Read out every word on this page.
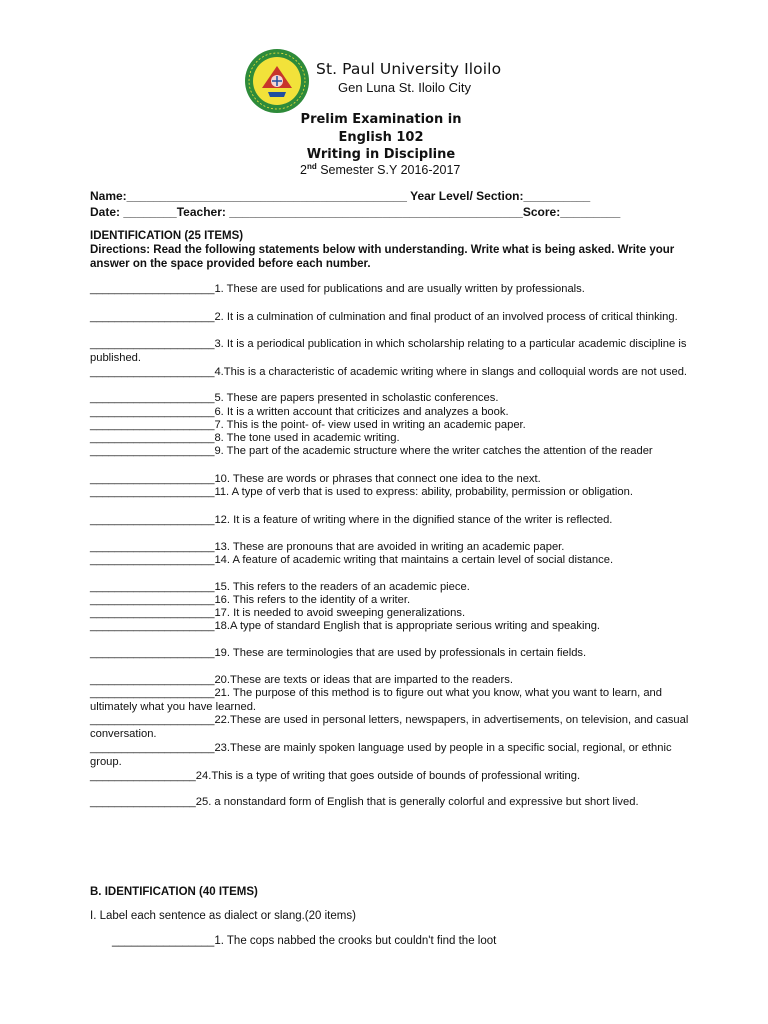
St. Paul University Iloilo
Gen Luna St. Iloilo City
Prelim Examination in
English 102
Writing in Discipline
2nd Semester S.Y 2016-2017
Name:__________________________________________ Year Level/ Section:__________
Date: ________Teacher: ____________________________________________Score:_________
IDENTIFICATION (25 ITEMS)
Directions: Read the following statements below with understanding. Write what is being asked. Write your answer on the space provided before each number.
____________________1. These are used for publications and are usually written by professionals.
____________________2. It is a culmination of culmination and final product of an involved process of critical thinking.
____________________3. It is a periodical publication in which scholarship relating to a particular academic discipline is published.
____________________4.This is a characteristic of academic writing where in slangs and colloquial words are not used.
____________________5. These are papers presented in scholastic conferences.
____________________6. It is a written account that criticizes and analyzes a book.
____________________7. This is the point- of- view used in writing an academic paper.
____________________8. The tone used in academic writing.
____________________9. The part of the academic structure where the writer catches the attention of the reader
____________________10. These are words or phrases that connect one idea to the next.
____________________11. A type of verb that is used to express: ability, probability, permission or obligation.
____________________12. It is a feature of writing where in the dignified stance of the writer is reflected.
____________________13. These are pronouns that are avoided in writing an academic paper.
____________________14. A feature of academic writing that maintains a certain level of social distance.
____________________15. This refers to the readers of an academic piece.
____________________16. This refers to the identity of a writer.
____________________17. It is needed to avoid sweeping generalizations.
____________________18.A type of standard English that is appropriate serious writing and speaking.
____________________19. These are terminologies that are used by professionals in certain fields.
____________________20.These are texts or ideas that are imparted to the readers.
____________________21. The purpose of this method is to figure out what you know, what you want to learn, and ultimately what you have learned.
____________________22.These are used in personal letters, newspapers, in advertisements, on television, and casual conversation.
____________________23.These are mainly spoken language used by people in a specific social, regional, or ethnic group.
_________________24.This is a type of writing that goes outside of bounds of professional writing.
_________________25. a nonstandard form of English that is generally colorful and expressive but short lived.
B. IDENTIFICATION (40 ITEMS)
I. Label each sentence as dialect or slang.(20 items)
________________1. The cops nabbed the crooks but couldn't find the loot
